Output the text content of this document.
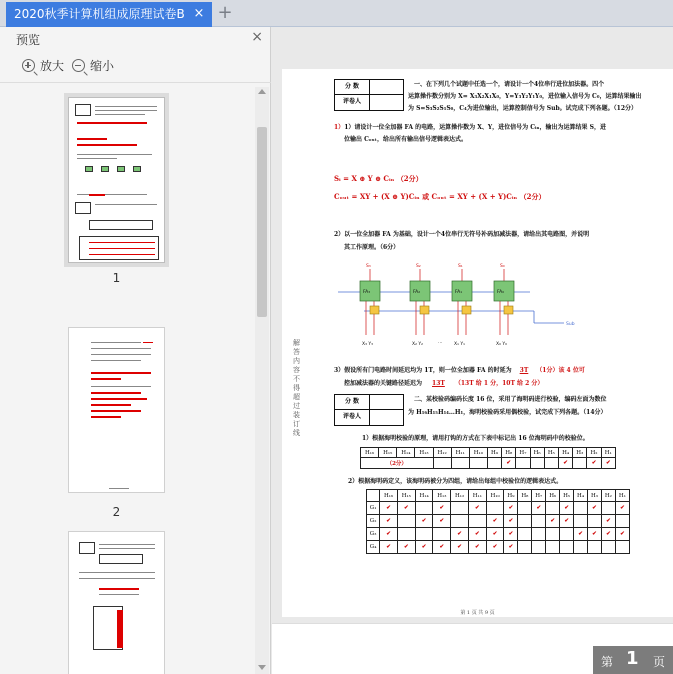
2020秋季计算机组成原理试卷B × +
预览	×
放大	缩小
1
2
解答内容不得超过装订线
分 数
评卷人
一、在下列几个试题中任选一个，请设计一个4位串行进位加法器。四个
运算操作数分别为 X= X₃X₂X₁X₀，Y=Y₃Y₂Y₁Y₀，进位输入信号为 C₀，运算结果输出
为 S=S₃S₂S₁S₀，C₄为进位输出，运算控制信号为 Sub。试完成下列各题。（12分）
1）1）请设计一位全加器 FA 的电路，运算操作数为 X、Y，进位信号为 Cᵢₙ，输出为运算结果 S，进
位输出 Cₒᵤₜ，给出所有输出信号逻辑表达式。
Sᵢ = X ⊕ Y ⊕ Cᵢₙ （2分）
Cₒᵤₜ = XY + (X ⊕ Y)Cᵢₙ 或 Cₒᵤₜ = XY + (X + Y)Cᵢₙ （2分）
2）以一位全加器 FA 为基础，设计一个4位串行无符号补码加减法器，请给出其电路图，并说明
其工作原理。（6分）
FA₃	FA₂	FA₁	FA₀
S₃	S₂	S₁	S₀
X₃ Y₃	X₂ Y₂	…	X₁ Y₁	X₀ Y₀
Sub
3）假设所有门电路时间延迟均为 1T，则一位全加器 FA 的时延为 3T （1分）该 4 位可
控加减法器的关键路径延迟为 13T （13T 给 1 分，10T 给 2 分）
分 数
评卷人
二、某校验码编码长度 16 位，采用了海明码进行校验，编码左面为数位
为 H₁₆H₁₅H₁₄…H₁，海明校验码采用偶校验，试完成下列各题。（14分）
1）根据海明校验的原理，请用打钩的方式在下表中标记出 16 位海明码中的校验位。
H₁₆	H₁₅	H₁₄	H₁₃	H₁₂	H₁₁	H₁₀	H₉	H₈	H₇	H₆	H₅	H₄	H₃	H₂	H₁
（2分）								✔				✔		✔	✔
2）根据海明码定义，该海明码被分为四组，请给出每组中校验位的逻辑表达式。
	H₁₆	H₁₅	H₁₄	H₁₃	H₁₂	H₁₁	H₁₀	H₉	H₈	H₇	H₆	H₅	H₄	H₃	H₂	H₁
G₁	✔	✔		✔		✔		✔		✔		✔		✔		✔
G₂	✔		✔	✔			✔	✔			✔	✔			✔	
G₃	✔				✔	✔	✔	✔					✔	✔	✔	✔
G₄	✔	✔	✔	✔	✔	✔	✔	✔								
第 1 页 共 9 页
第 1 页
